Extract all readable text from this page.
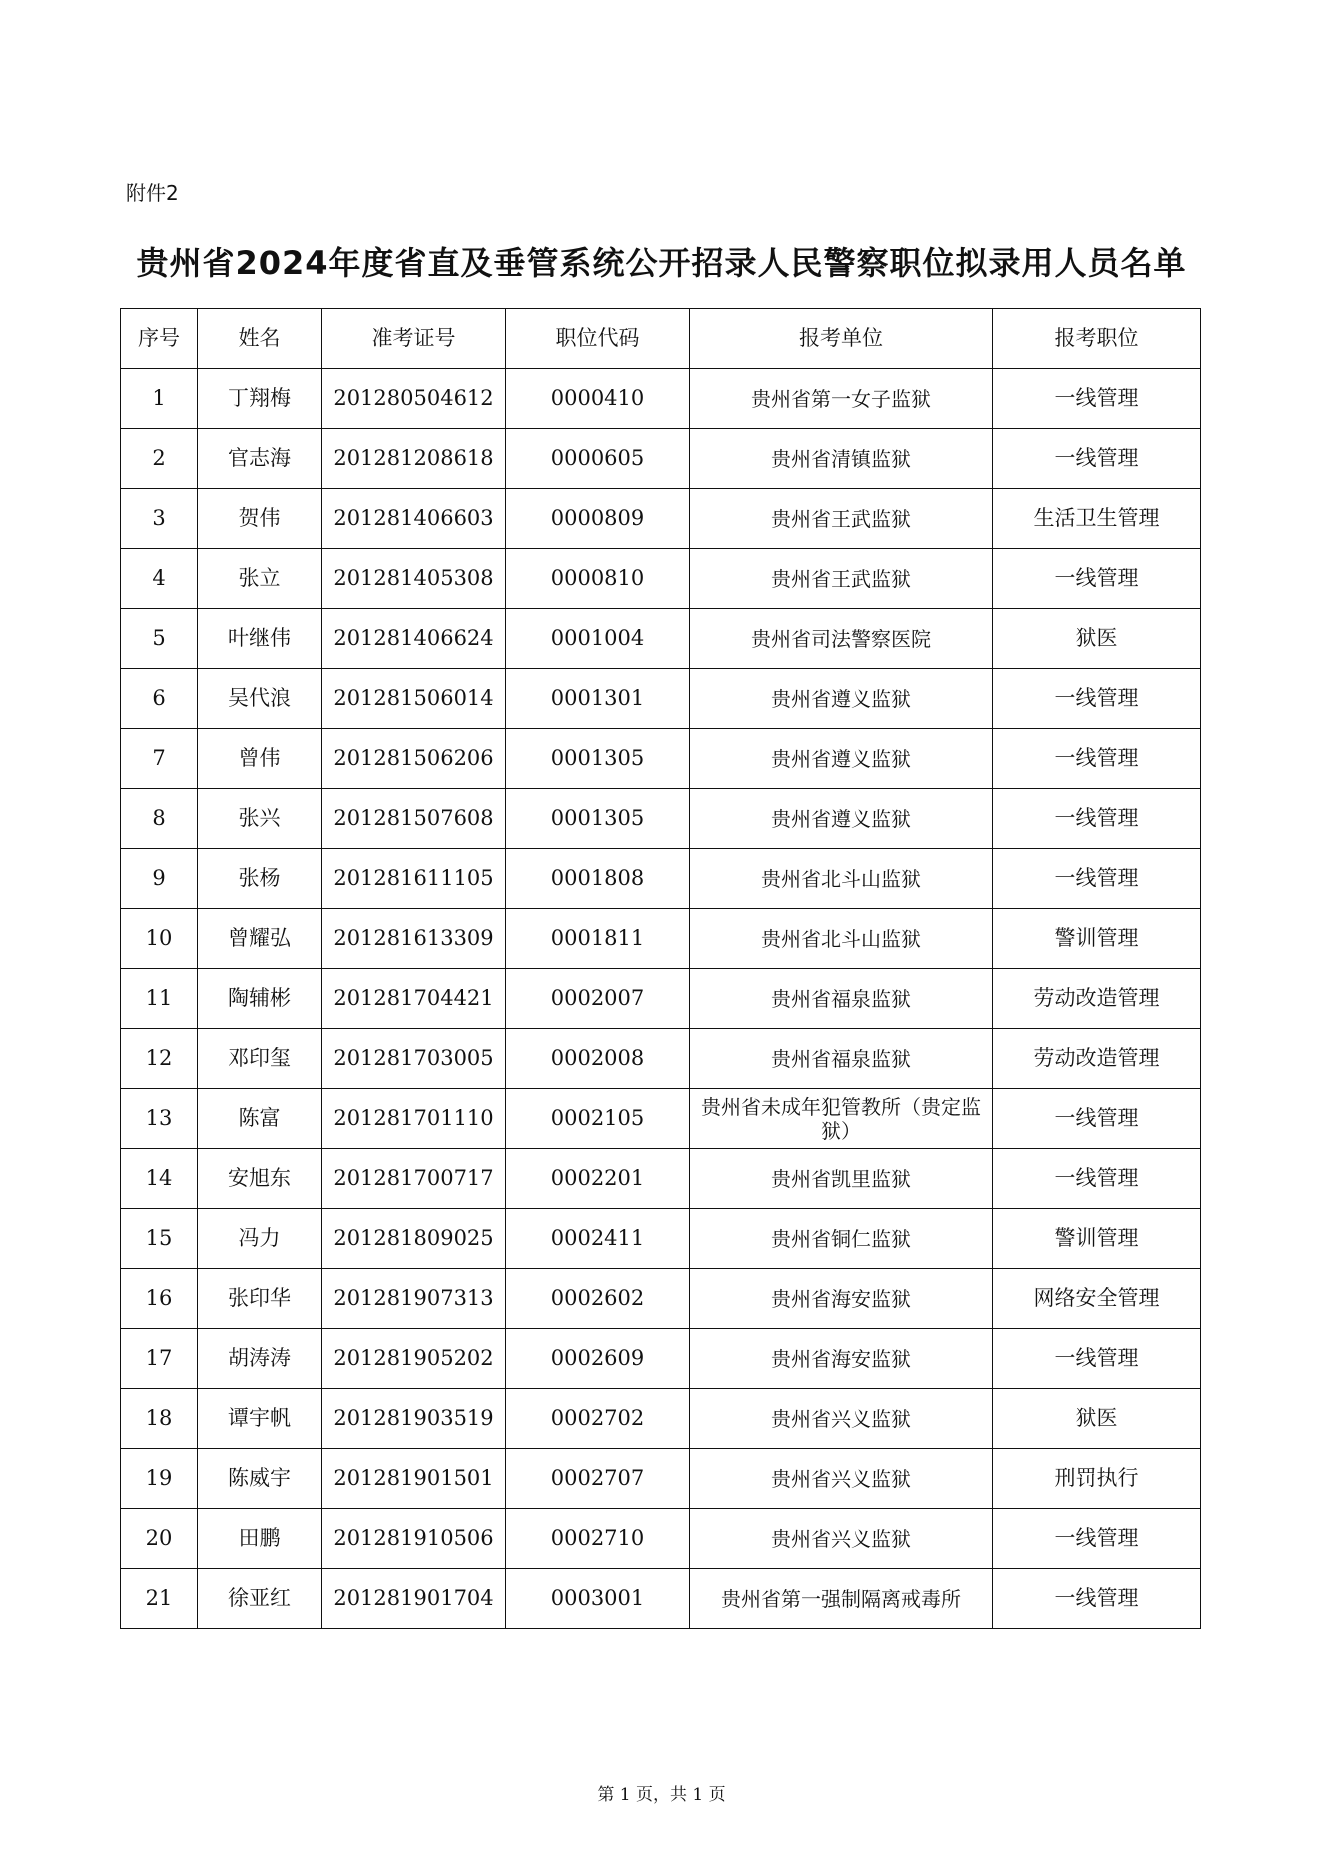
附件2
贵州省2024年度省直及垂管系统公开招录人民警察职位拟录用人员名单
序号	姓名	准考证号	职位代码	报考单位	报考职位
1	丁翔梅	201280504612	0000410	贵州省第一女子监狱	一线管理
2	官志海	201281208618	0000605	贵州省清镇监狱	一线管理
3	贺伟	201281406603	0000809	贵州省王武监狱	生活卫生管理
4	张立	201281405308	0000810	贵州省王武监狱	一线管理
5	叶继伟	201281406624	0001004	贵州省司法警察医院	狱医
6	吴代浪	201281506014	0001301	贵州省遵义监狱	一线管理
7	曾伟	201281506206	0001305	贵州省遵义监狱	一线管理
8	张兴	201281507608	0001305	贵州省遵义监狱	一线管理
9	张杨	201281611105	0001808	贵州省北斗山监狱	一线管理
10	曾耀弘	201281613309	0001811	贵州省北斗山监狱	警训管理
11	陶辅彬	201281704421	0002007	贵州省福泉监狱	劳动改造管理
12	邓印玺	201281703005	0002008	贵州省福泉监狱	劳动改造管理
13	陈富	201281701110	0002105	贵州省未成年犯管教所（贵定监狱）	一线管理
14	安旭东	201281700717	0002201	贵州省凯里监狱	一线管理
15	冯力	201281809025	0002411	贵州省铜仁监狱	警训管理
16	张印华	201281907313	0002602	贵州省海安监狱	网络安全管理
17	胡涛涛	201281905202	0002609	贵州省海安监狱	一线管理
18	谭宇帆	201281903519	0002702	贵州省兴义监狱	狱医
19	陈威宇	201281901501	0002707	贵州省兴义监狱	刑罚执行
20	田鹏	201281910506	0002710	贵州省兴义监狱	一线管理
21	徐亚红	201281901704	0003001	贵州省第一强制隔离戒毒所	一线管理
第 1 页，共 1 页
